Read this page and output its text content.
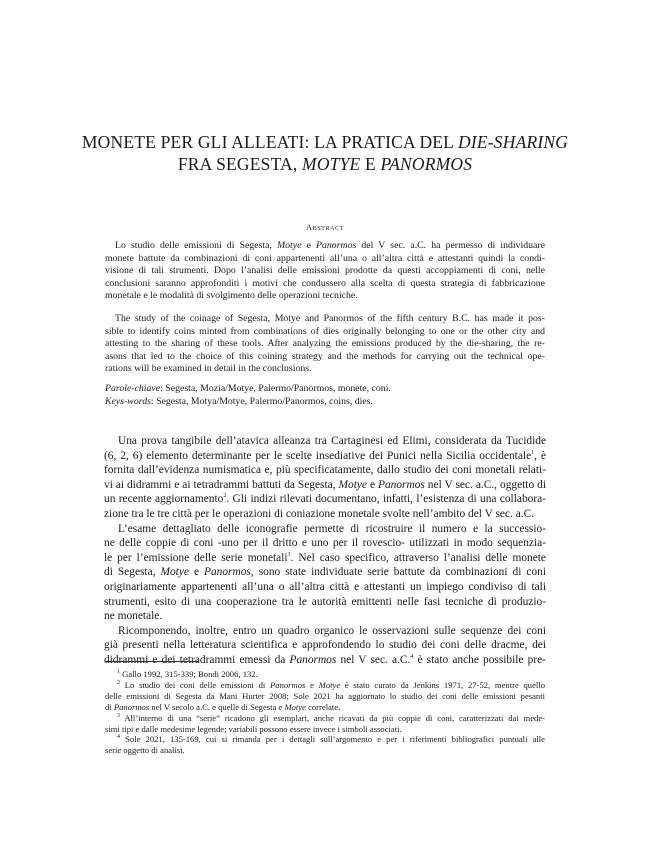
MONETE PER GLI ALLEATI: LA PRATICA DEL DIE-SHARING
FRA SEGESTA, MOTYE E PANORMOS
Abstract
Lo studio delle emissioni di Segesta, Motye e Panormos del V sec. a.C. ha permesso di individuare
monete battute da combinazioni di coni appartenenti all’una o all’altra città e attestanti quindi la condi-
visione di tali strumenti. Dopo l’analisi delle emissioni prodotte da questi accoppiamenti di coni, nelle
conclusioni saranno approfonditi i motivi che condussero alla scelta di questa strategia di fabbricazione
monetale e le modalità di svolgimento delle operazioni tecniche.
The study of the coinage of Segesta, Motye and Panormos of the fifth century B.C. has made it pos-
sible to identify coins minted from combinations of dies originally belonging to one or the other city and
attesting to the sharing of these tools. After analyzing the emissions produced by the die-sharing, the re-
asons that led to the choice of this coining strategy and the methods for carrying out the technical ope-
rations will be examined in detail in the conclusions.
Parole-chiave: Segesta, Mozia/Motye, Palermo/Panormos, monete, coni.
Keys-words: Segesta, Motya/Motye, Palermo/Panormos, coins, dies.
Una prova tangibile dell’atavica alleanza tra Cartaginesi ed Elimi, considerata da Tucidide
(6, 2, 6) elemento determinante per le scelte insediative dei Punici nella Sicilia occidentale$^1$, è
fornita dall’evidenza numismatica e, più specificatamente, dallo studio dei coni monetali relati-
vi ai didrammi e ai tetradrammi battuti da Segesta, Motye e Panormos nel V sec. a.C., oggetto di
un recente aggiornamento$^2$. Gli indizi rilevati documentano, infatti, l’esistenza di una collabora-
zione tra le tre città per le operazioni di coniazione monetale svolte nell’ambito del V sec. a.C.
L’esame dettagliato delle iconografie permette di ricostruire il numero e la successio-
ne delle coppie di coni -uno per il dritto e uno per il rovescio- utilizzati in modo sequenzia-
le per l’emissione delle serie monetali$^3$. Nel caso specifico, attraverso l’analisi delle monete
di Segesta, Motye e Panormos, sono state individuate serie battute da combinazioni di coni
originariamente appartenenti all’una o all’altra città e attestanti un impiego condiviso di tali
strumenti, esito di una cooperazione tra le autorità emittenti nelle fasi tecniche di produzio-
ne monetale.
Ricomponendo, inoltre, entro un quadro organico le osservazioni sulle sequenze dei coni
già presenti nella letteratura scientifica e approfondendo lo studio dei coni delle dracme, dei
didrammi e dei tetradrammi emessi da Panormos nel V sec. a.C.$^4$ è stato anche possibile pre-
$^1$ Gallo 1992, 315-339; Bondi 2006, 132.
$^2$ Lo studio dei coni delle emissioni di Panormos e Motye è stato curato da Jenkins 1971, 27-52, mentre quello
delle emissioni di Segesta da Mani Hurter 2008; Sole 2021 ha aggiornato lo studio dei coni delle emissioni pesanti
di Panormos nel V secolo a.C. e quelle di Segesta e Motye correlate.
$^3$ All’interno di una “serie” ricadono gli esemplari, anche ricavati da più coppie di coni, caratterizzati dai mede-
simi tipi e dalle medesime legende; variabili possono essere invece i simboli associati.
$^4$ Sole 2021, 135-169, cui si rimanda per i dettagli sull’argomento e per i riferimenti bibliografici puntuali alle
serie oggetto di analisi.
